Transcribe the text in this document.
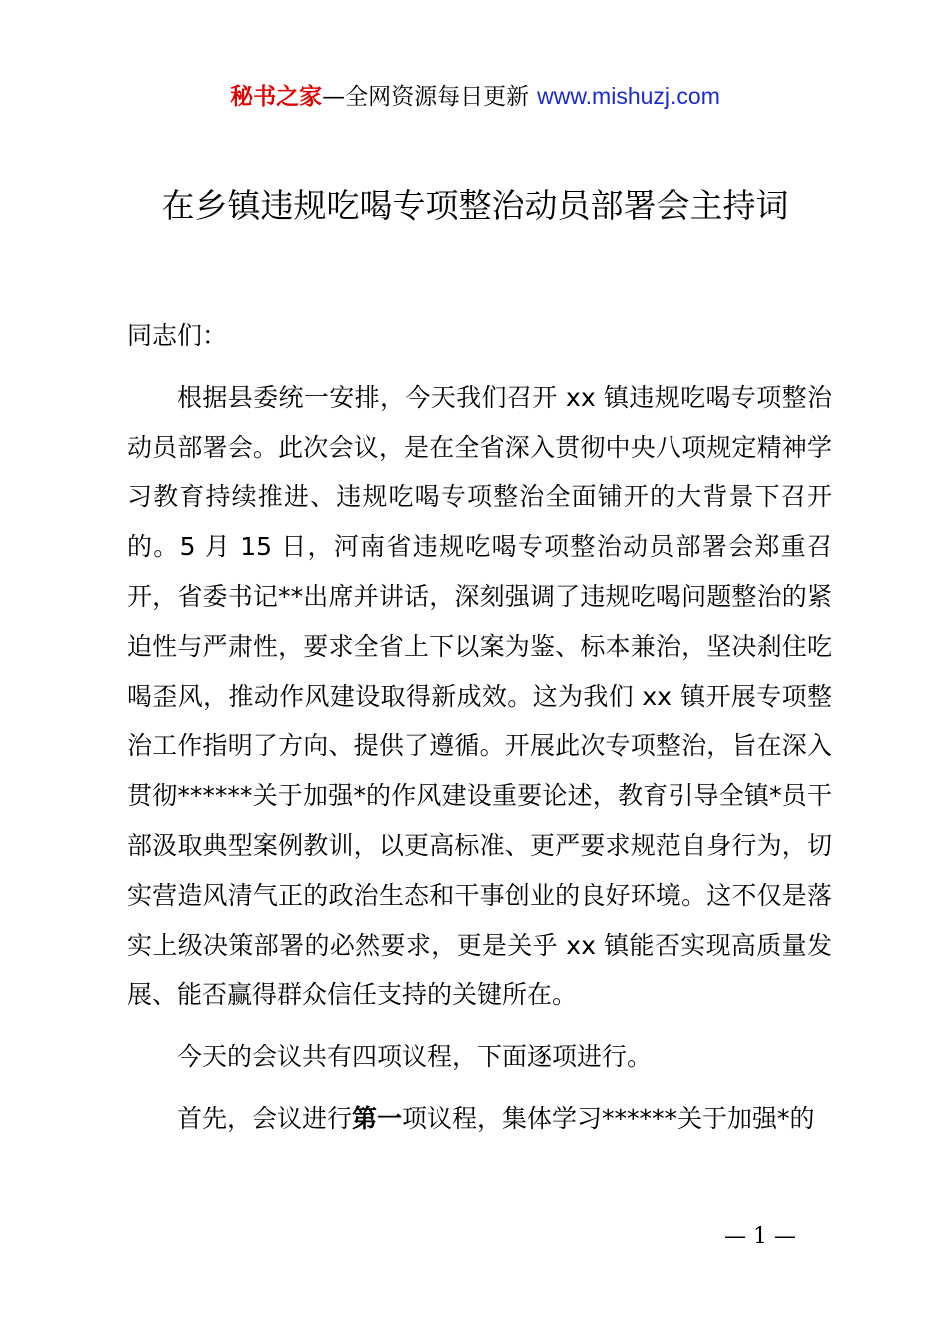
秘书之家—全网资源每日更新 www.mishuzj.com
在乡镇违规吃喝专项整治动员部署会主持词

同志们：

根据县委统一安排，今天我们召开 xx 镇违规吃喝专项整治动员部署会。此次会议，是在全省深入贯彻中央八项规定精神学习教育持续推进、违规吃喝专项整治全面铺开的大背景下召开的。5 月 15 日，河南省违规吃喝专项整治动员部署会郑重召开，省委书记**出席并讲话，深刻强调了违规吃喝问题整治的紧迫性与严肃性，要求全省上下以案为鉴、标本兼治，坚决刹住吃喝歪风，推动作风建设取得新成效。这为我们 xx 镇开展专项整治工作指明了方向、提供了遵循。开展此次专项整治，旨在深入贯彻******关于加强*的作风建设重要论述，教育引导全镇*员干部汲取典型案例教训，以更高标准、更严要求规范自身行为，切实营造风清气正的政治生态和干事创业的良好环境。这不仅是落实上级决策部署的必然要求，更是关乎 xx 镇能否实现高质量发展、能否赢得群众信任支持的关键所在。

今天的会议共有四项议程，下面逐项进行。

首先，会议进行第一项议程，集体学习******关于加强*的

— 1 —
